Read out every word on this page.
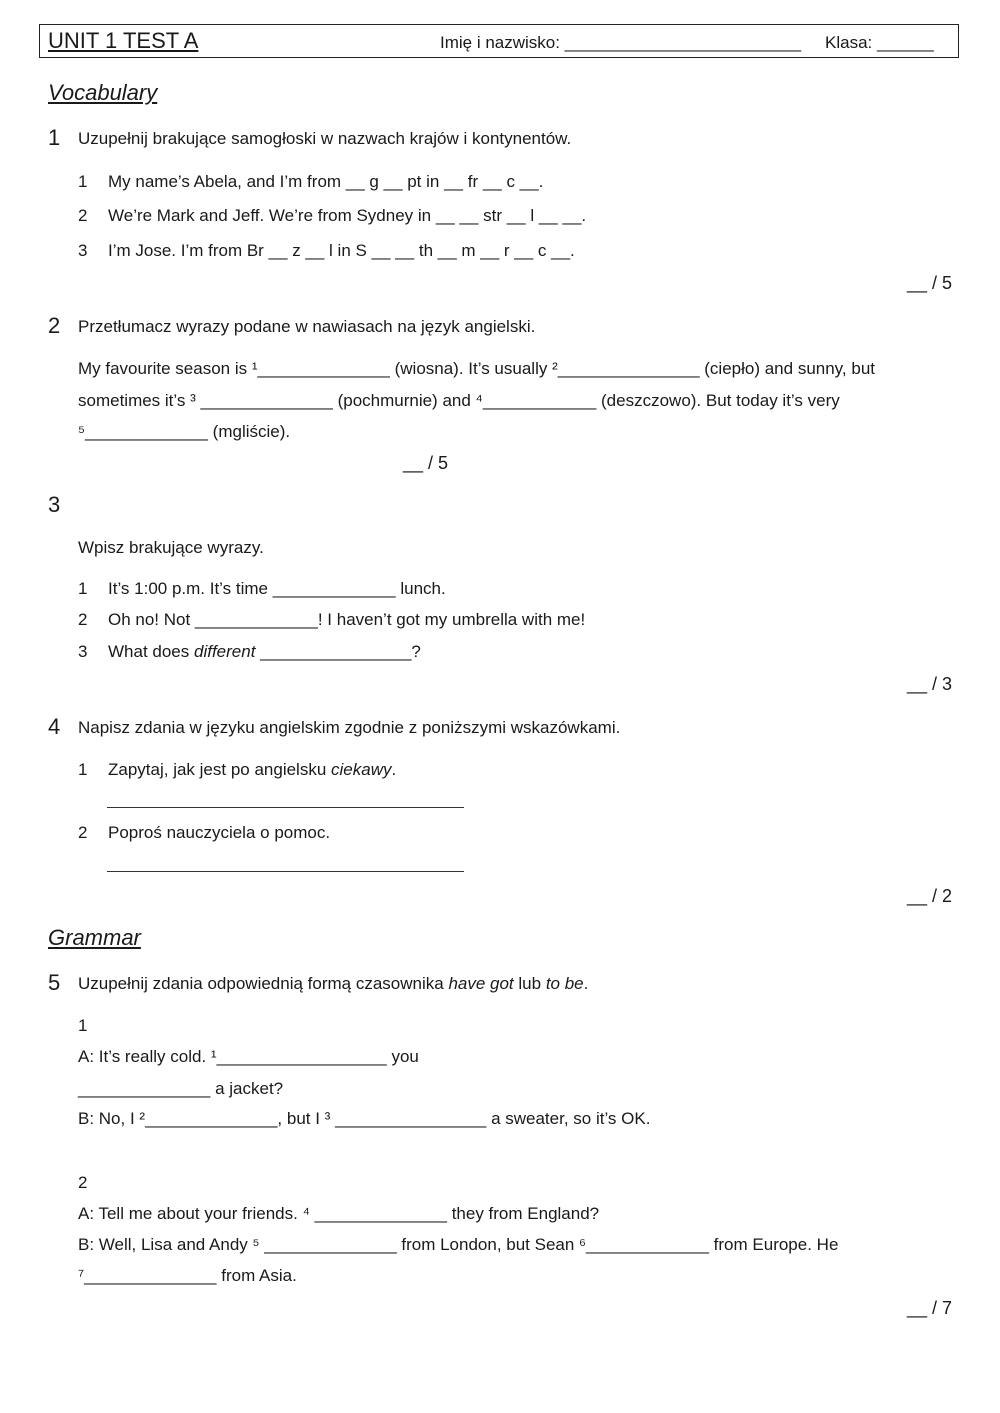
UNIT 1 TEST A	Imię i nazwisko: _________________________ Klasa: ______
Vocabulary
1 Uzupełnij brakujące samogłoski w nazwach krajów i kontynentów.
1 My name’s Abela, and I’m from __ g __ pt in __ fr __ c __.
2 We’re Mark and Jeff. We’re from Sydney in __ __ str __ l __ __.
3 I’m Jose. I’m from Br __ z __ l in S __ __ th __ m __ r __ c __.
__ / 5
2 Przetłumacz wyrazy podane w nawiasach na język angielski.
My favourite season is ¹______________ (wiosna). It’s usually ²_______________ (ciepło) and sunny, but
sometimes it’s ³ ______________ (pochmurnie) and ⁴____________ (deszczowo). But today it’s very
⁵_____________ (mgliście).
__ / 5
3
Wpisz brakujące wyrazy.
1 It’s 1:00 p.m. It’s time _____________ lunch.
2 Oh no! Not _____________! I haven’t got my umbrella with me!
3 What does different ________________?
__ / 3
4 Napisz zdania w języku angielskim zgodnie z poniższymi wskazówkami.
1 Zapytaj, jak jest po angielsku ciekawy.
2 Poproś nauczyciela o pomoc.
__ / 2
Grammar
5 Uzupełnij zdania odpowiednią formą czasownika have got lub to be.
1
A: It’s really cold. ¹__________________ you
______________ a jacket?
B: No, I ²______________, but I ³ ________________ a sweater, so it’s OK.
2
A: Tell me about your friends. ⁴ ______________ they from England?
B: Well, Lisa and Andy ⁵ ______________ from London, but Sean ⁶_____________ from Europe. He
⁷______________ from Asia.
__ / 7
